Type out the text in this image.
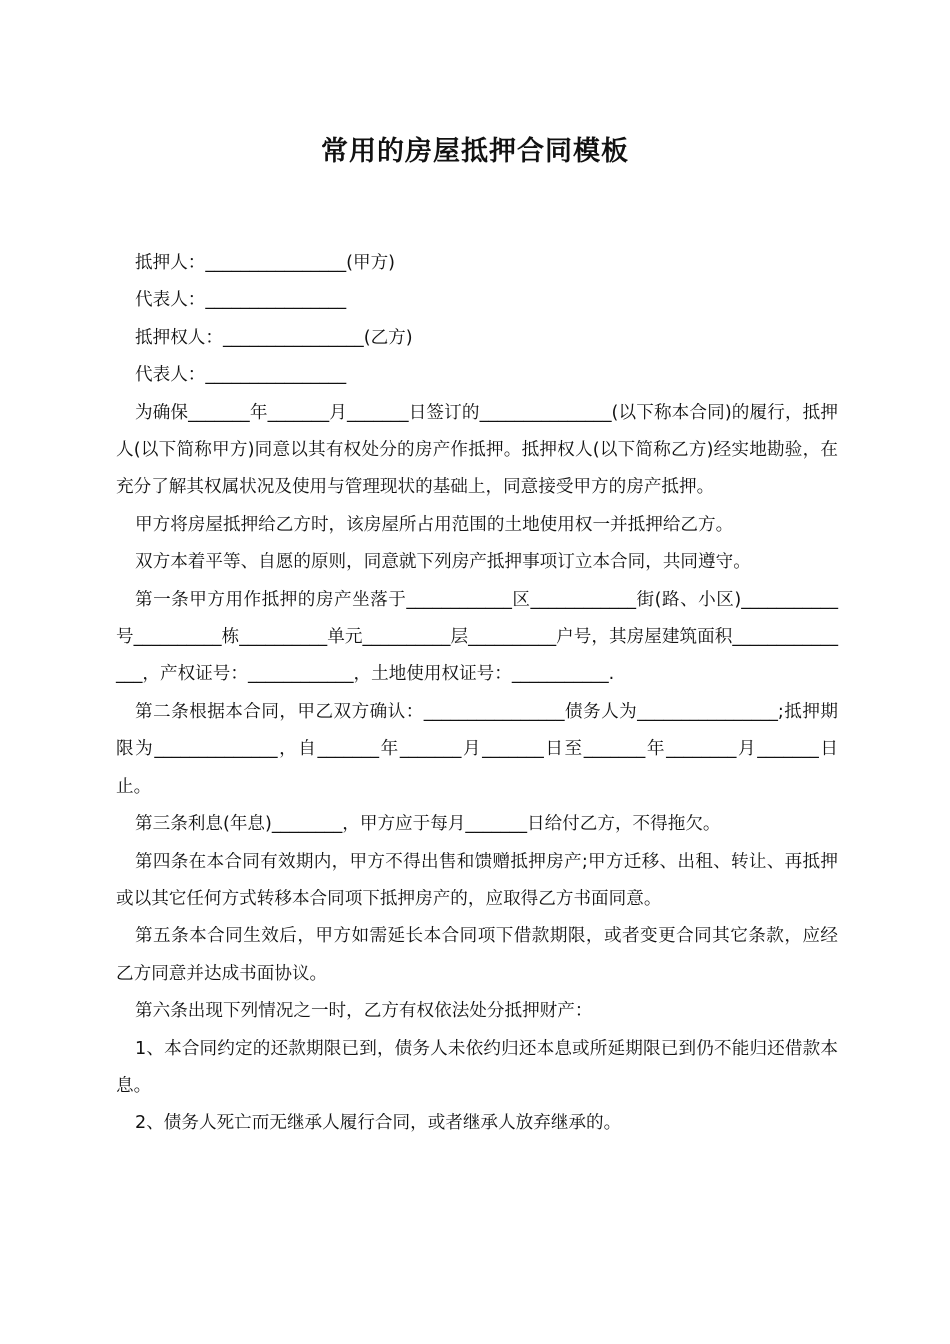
常用的房屋抵押合同模板

抵押人：________________(甲方)

代表人：________________

抵押权人：________________(乙方)

代表人：________________

为确保_______年_______月_______日签订的_______________(以下称本合同)的履行，抵押人(以下简称甲方)同意以其有权处分的房产作抵押。抵押权人(以下简称乙方)经实地勘验，在充分了解其权属状况及使用与管理现状的基础上，同意接受甲方的房产抵押。

甲方将房屋抵押给乙方时，该房屋所占用范围的土地使用权一并抵押给乙方。

双方本着平等、自愿的原则，同意就下列房产抵押事项订立本合同，共同遵守。

第一条甲方用作抵押的房产坐落于____________区____________街(路、小区)___________号__________栋__________单元__________层__________户号，其房屋建筑面积_______________，产权证号：____________，土地使用权证号：___________.

第二条根据本合同，甲乙双方确认：________________债务人为________________;抵押期限为______________，自_______年_______月_______日至_______年________月_______日止。

第三条利息(年息)________，甲方应于每月_______日给付乙方，不得拖欠。

第四条在本合同有效期内，甲方不得出售和馈赠抵押房产;甲方迁移、出租、转让、再抵押或以其它任何方式转移本合同项下抵押房产的，应取得乙方书面同意。

第五条本合同生效后，甲方如需延长本合同项下借款期限，或者变更合同其它条款，应经乙方同意并达成书面协议。

第六条出现下列情况之一时，乙方有权依法处分抵押财产：

1、本合同约定的还款期限已到，债务人未依约归还本息或所延期限已到仍不能归还借款本息。

2、债务人死亡而无继承人履行合同，或者继承人放弃继承的。
